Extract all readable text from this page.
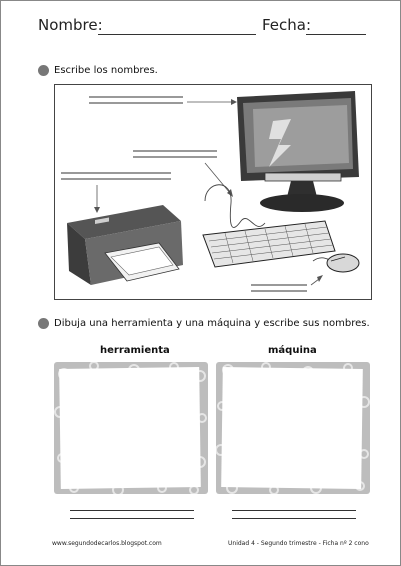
Nombre:	Fecha:
Escribe los nombres.
Dibuja una herramienta y una máquina y escribe sus nombres.
herramienta	máquina
www.segundodecarlos.blogspot.com	Unidad 4 - Segundo trimestre - Ficha nº 2 cono
